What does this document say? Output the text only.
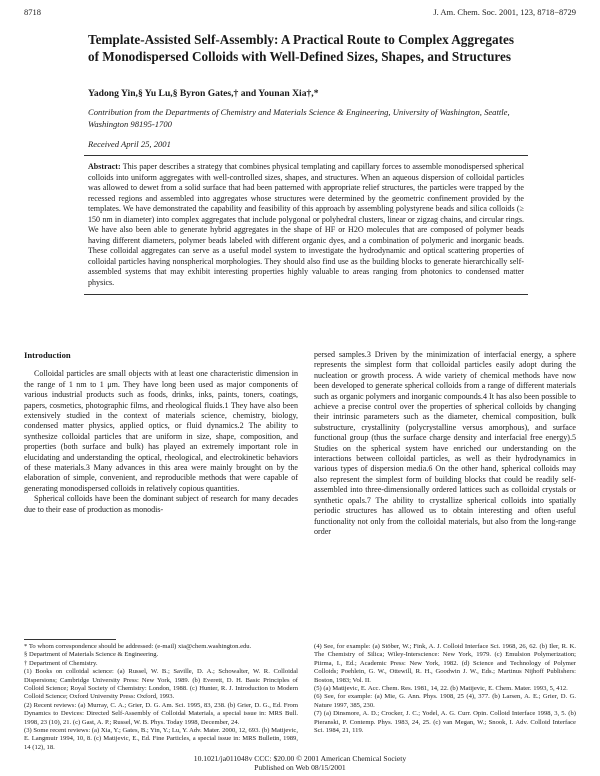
8718	J. Am. Chem. Soc. 2001, 123, 8718−8729
Template-Assisted Self-Assembly: A Practical Route to Complex Aggregates of Monodispersed Colloids with Well-Defined Sizes, Shapes, and Structures
Yadong Yin,§ Yu Lu,§ Byron Gates,† and Younan Xia†,*
Contribution from the Departments of Chemistry and Materials Science & Engineering, University of Washington, Seattle, Washington 98195-1700
Received April 25, 2001
Abstract: This paper describes a strategy that combines physical templating and capillary forces to assemble monodispersed spherical colloids into uniform aggregates with well-controlled sizes, shapes, and structures. When an aqueous dispersion of colloidal particles was allowed to dewet from a solid surface that had been patterned with appropriate relief structures, the particles were trapped by the recessed regions and assembled into aggregates whose structures were determined by the geometric confinement provided by the templates. We have demonstrated the capability and feasibility of this approach by assembling polystyrene beads and silica colloids (≥ 150 nm in diameter) into complex aggregates that include polygonal or polyhedral clusters, linear or zigzag chains, and circular rings. We have also been able to generate hybrid aggregates in the shape of HF or H2O molecules that are composed of polymer beads having different diameters, polymer beads labeled with different organic dyes, and a combination of polymeric and inorganic beads. These colloidal aggregates can serve as a useful model system to investigate the hydrodynamic and optical scattering properties of colloidal particles having nonspherical morphologies. They should also find use as the building blocks to generate hierarchically self-assembled systems that may exhibit interesting properties highly valuable to areas ranging from photonics to condensed matter physics.
Introduction

Colloidal particles are small objects with at least one characteristic dimension in the range of 1 nm to 1 μm. They have long been used as major components of various industrial products such as foods, drinks, inks, paints, toners, coatings, papers, cosmetics, photographic films, and rheological fluids.1 They have also been extensively studied in the context of materials science, chemistry, biology, condensed matter physics, applied optics, or fluid dynamics.2 The ability to synthesize colloidal particles that are uniform in size, shape, composition, and properties (both surface and bulk) has played an extremely important role in elucidating and understanding the optical, rheological, and electrokinetic behaviors of these materials.3 Many advances in this area were mainly brought on by the elaboration of simple, convenient, and reproducible methods that were capable of generating monodispersed colloids in relatively copious quantities.

Spherical colloids have been the dominant subject of research for many decades due to their ease of production as monodis-

persed samples.3 Driven by the minimization of interfacial energy, a sphere represents the simplest form that colloidal particles easily adopt during the nucleation or growth process. A wide variety of chemical methods have now been developed to generate spherical colloids from a range of different materials such as organic polymers and inorganic compounds.4 It has also been possible to achieve a precise control over the properties of spherical colloids by changing their intrinsic parameters such as the diameter, chemical composition, bulk substructure, crystallinity (polycrystalline versus amorphous), and surface functional group (thus the surface charge density and interfacial free energy).5 Studies on the spherical system have enriched our understanding on the interactions between colloidal particles, as well as their hydrodynamics in various types of dispersion media.6 On the other hand, spherical colloids may also represent the simplest form of building blocks that could be readily self-assembled into three-dimensionally ordered lattices such as colloidal crystals or synthetic opals.7 The ability to crystallize spherical colloids into spatially periodic structures has allowed us to obtain interesting and often useful functionality not only from the colloidal materials, but also from the long-range order

* To whom correspondence should be addressed: (e-mail) xia@chem.washington.edu.

§ Department of Materials Science & Engineering.

† Department of Chemistry.

(1) Books on colloidal science: (a) Russel, W. B.; Saville, D. A.; Schowalter, W. R. Colloidal Dispersions; Cambridge University Press: New York, 1989. (b) Everett, D. H. Basic Principles of Colloid Science; Royal Society of Chemistry: London, 1988. (c) Hunter, R. J. Introduction to Modern Colloid Science; Oxford University Press: Oxford, 1993.

(2) Recent reviews: (a) Murray, C. A.; Grier, D. G. Am. Sci. 1995, 83, 238. (b) Grier, D. G., Ed. From Dynamics to Devices: Directed Self-Assembly of Colloidal Materials, a special issue in: MRS Bull. 1998, 23 (10), 21. (c) Gast, A. P.; Russel, W. B. Phys. Today 1998, December, 24.

(3) Some recent reviews: (a) Xia, Y.; Gates, B.; Yin, Y.; Lu, Y. Adv. Mater. 2000, 12, 693. (b) Matijevic, E. Langmuir 1994, 10, 8. (c) Matijevic, E., Ed. Fine Particles, a special issue in: MRS Bulletin, 1989, 14 (12), 18.

(4) See, for example: (a) Stöber, W.; Fink, A. J. Colloid Interface Sci. 1968, 26, 62. (b) Iler, R. K. The Chemistry of Silica; Wiley-Interscience: New York, 1979. (c) Emulsion Polymerization; Piirma, I., Ed.; Academic Press: New York, 1982. (d) Science and Technology of Polymer Colloids; Poehlein, G. W., Ottewill, R. H., Goodwin J. W., Eds.; Martinus Nijhoff Publishers: Boston, 1983; Vol. II.

(5) (a) Matijevic, E. Acc. Chem. Res. 1981, 14, 22. (b) Matijevic, E. Chem. Mater. 1993, 5, 412.

(6) See, for example: (a) Mie, G. Ann. Phys. 1908, 25 (4), 377. (b) Larsen, A. E.; Grier, D. G. Nature 1997, 385, 230.

(7) (a) Dinsmore, A. D.; Crocker, J. C.; Yodel, A. G. Curr. Opin. Colloid Interface 1998, 3, 5. (b) Pieranski, P. Contemp. Phys. 1983, 24, 25. (c) van Megan, W.; Snook, I. Adv. Colloid Interface Sci. 1984, 21, 119.

10.1021/ja011048v CCC: $20.00 © 2001 American Chemical Society
Published on Web 08/15/2001
